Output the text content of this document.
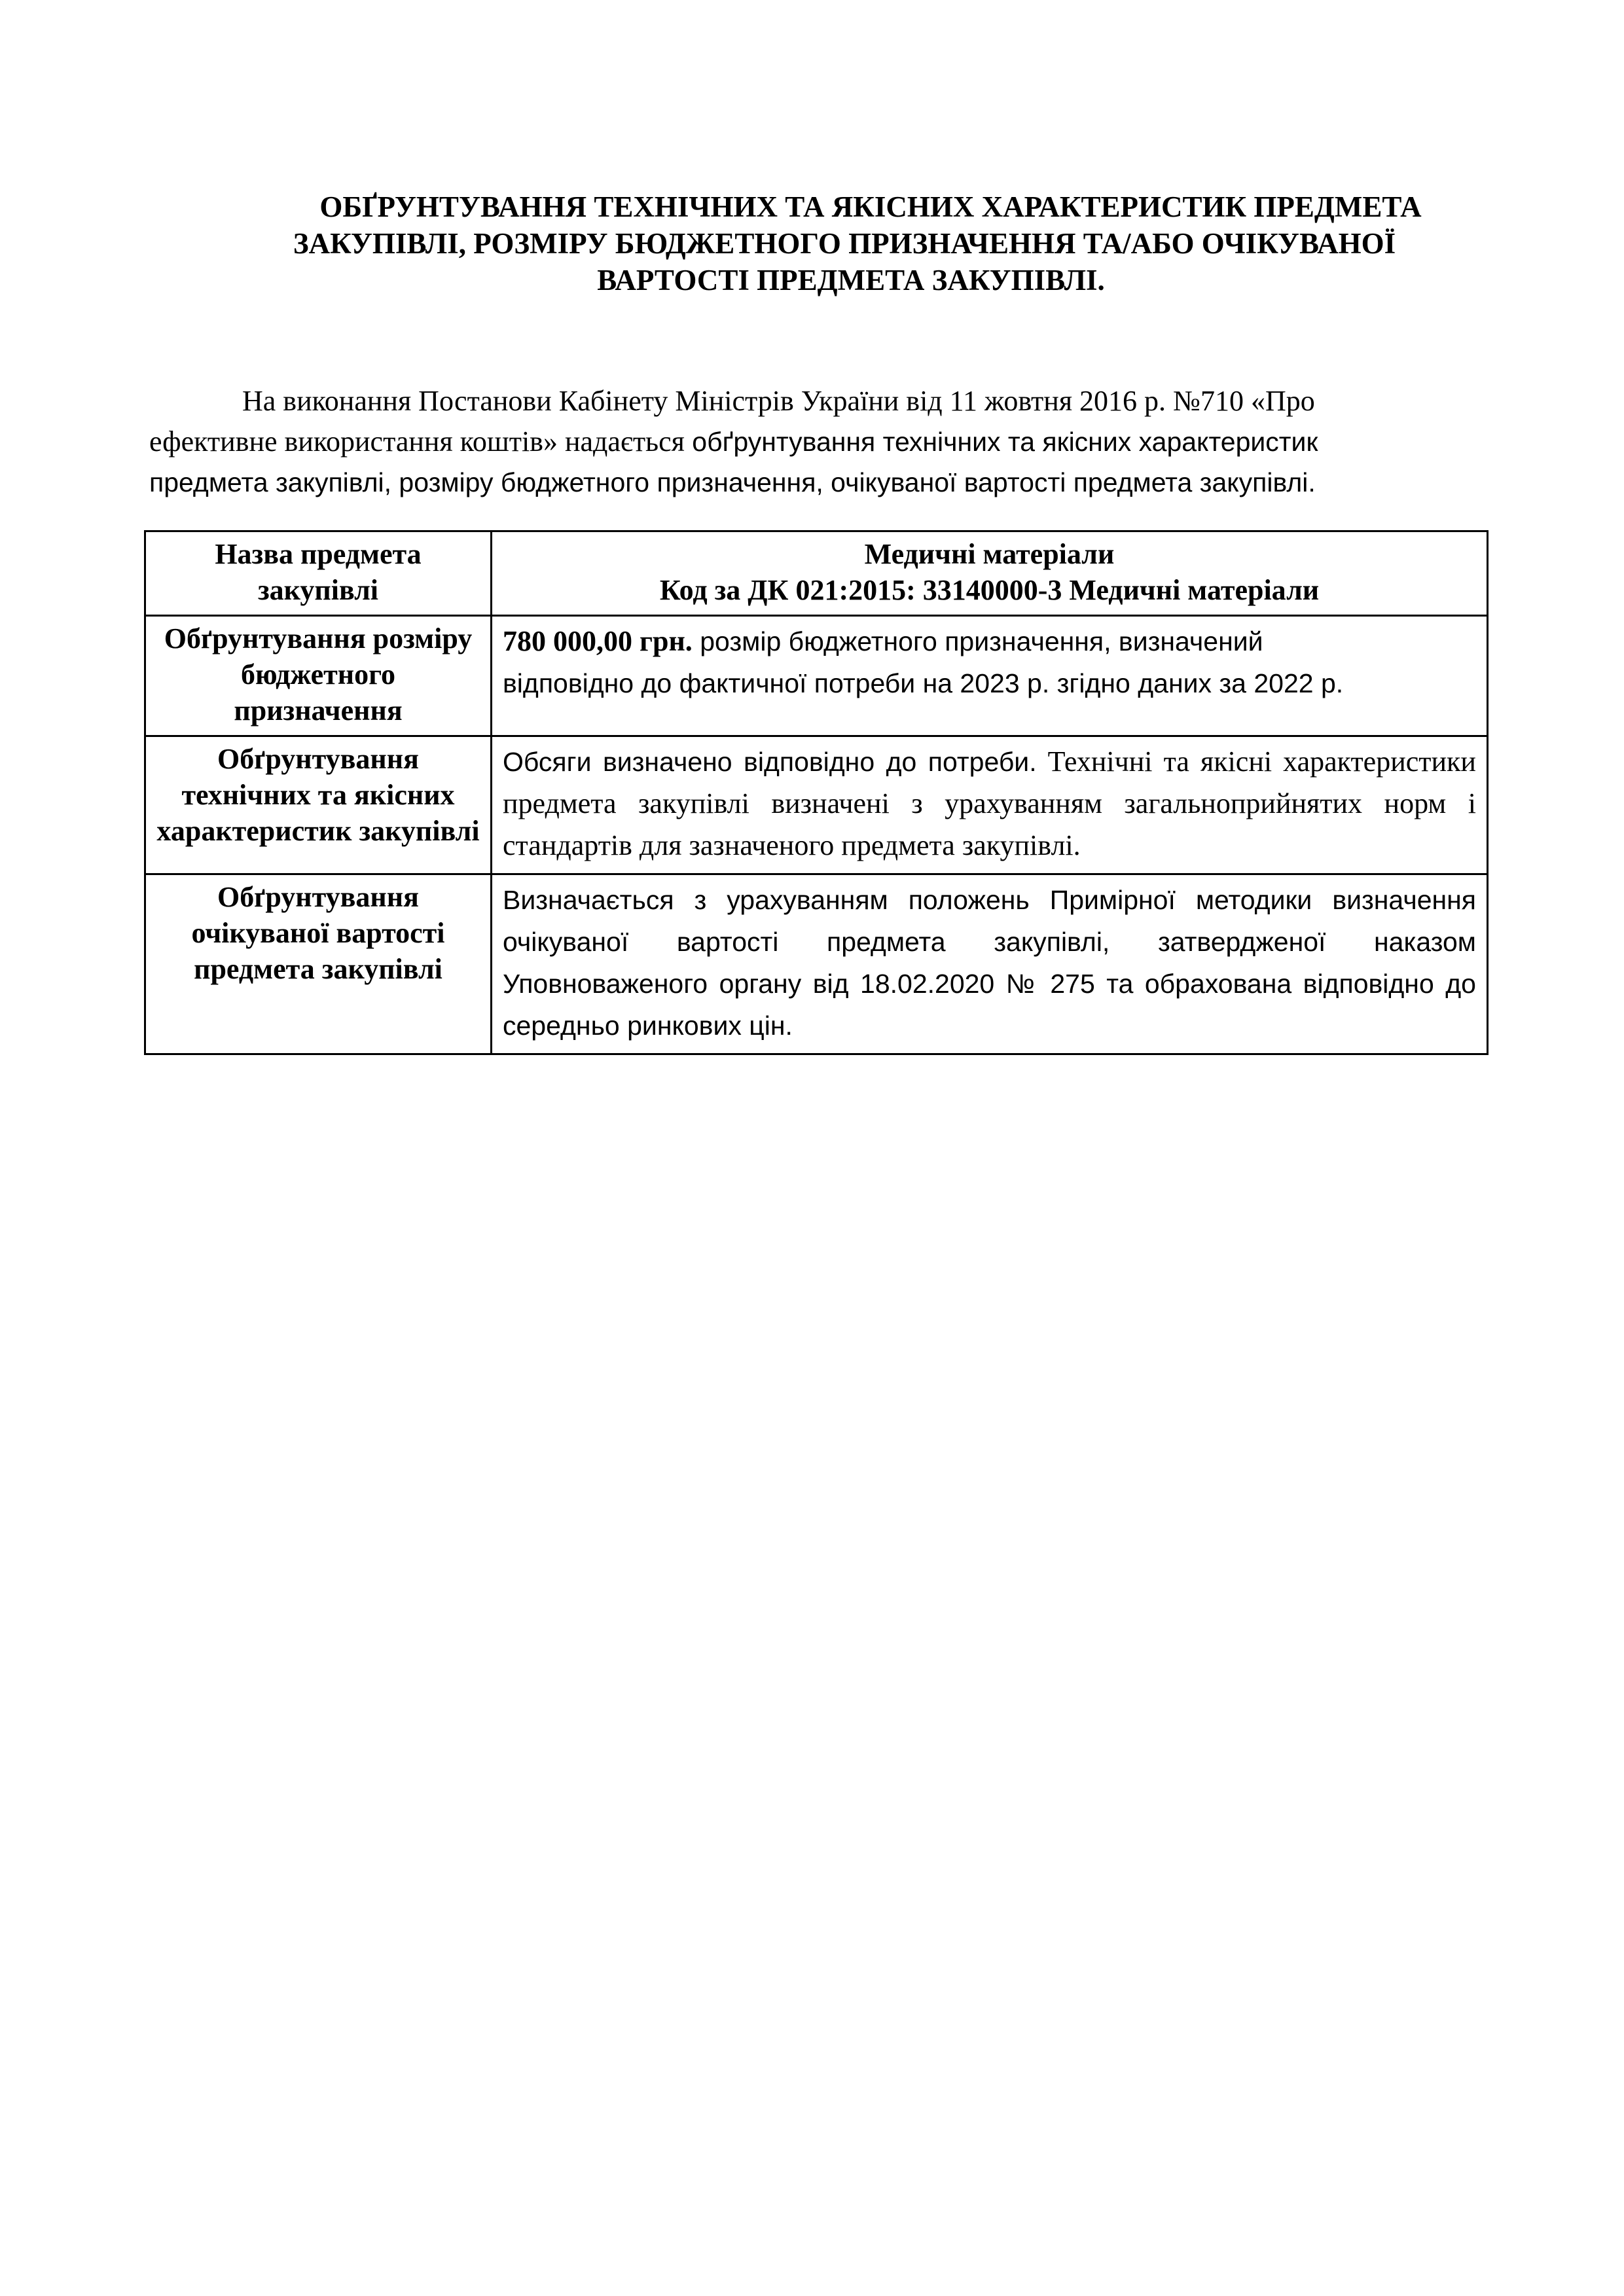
ОБҐРУНТУВАННЯ ТЕХНІЧНИХ ТА ЯКІСНИХ ХАРАКТЕРИСТИК ПРЕДМЕТА
ЗАКУПІВЛІ, РОЗМІРУ БЮДЖЕТНОГО ПРИЗНАЧЕННЯ ТА/АБО ОЧІКУВАНОЇ
ВАРТОСТІ ПРЕДМЕТА ЗАКУПІВЛІ.
На виконання Постанови Кабінету Міністрів України від 11 жовтня 2016 р. №710 «Про
ефективне використання коштів» надається обґрунтування технічних та якісних характеристик
предмета закупівлі, розміру бюджетного призначення, очікуваної вартості предмета закупівлі.
Назва предмета закупівлі	Медичні матеріали
Код за ДК 021:2015: 33140000-3 Медичні матеріали

Обґрунтування розміру бюджетного призначення	780 000,00 грн. розмір бюджетного призначення, визначений
відповідно до фактичної потреби на 2023 р. згідно даних за 2022 р.

Обґрунтування технічних та якісних характеристик закупівлі	Обсяги визначено відповідно до потреби. Технічні та якісні характеристики предмета закупівлі визначені з урахуванням загальноприйнятих норм і стандартів для зазначеного предмета закупівлі.
Обґрунтування очікуваної вартості предмета закупівлі	Визначається з урахуванням положень Примірної методики визначення очікуваної вартості предмета закупівлі, затвердженої наказом Уповноваженого органу від 18.02.2020 № 275 та обрахована відповідно до середньо ринкових цін.
